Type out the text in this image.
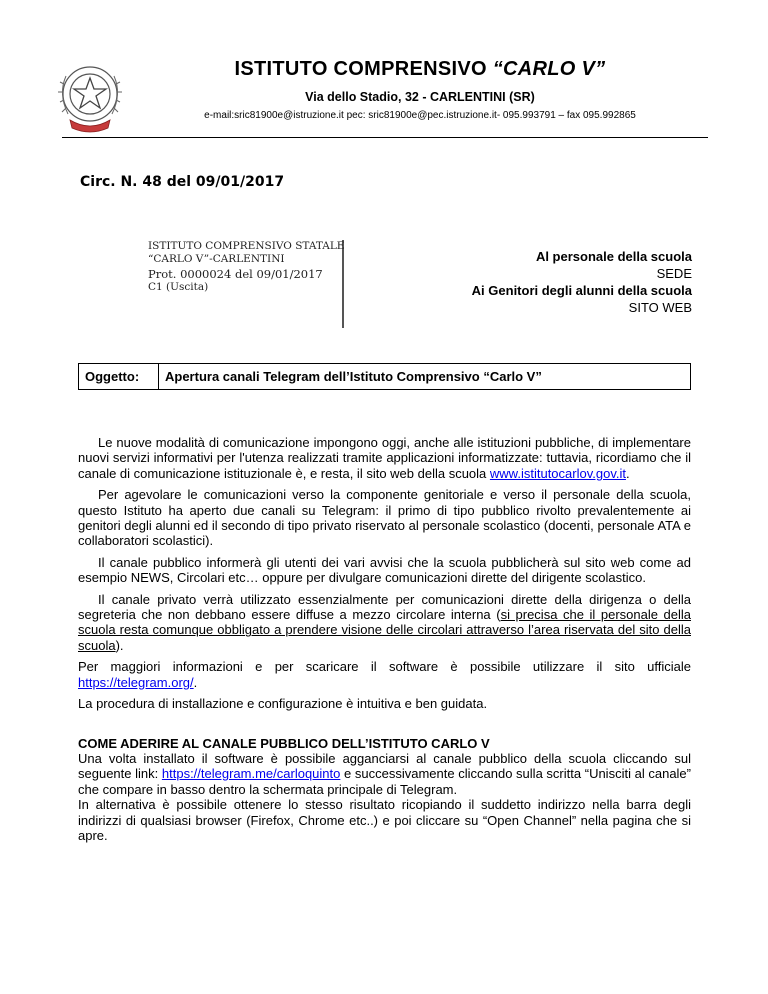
ISTITUTO COMPRENSIVO “CARLO V”
Via dello Stadio, 32 - CARLENTINI (SR)
e-mail:sric81900e@istruzione.it pec: sric81900e@pec.istruzione.it- 095.993791 – fax 095.992865
Circ. N. 48 del 09/01/2017
ISTITUTO COMPRENSIVO STATALE
“CARLO V”-CARLENTINI
Prot. 0000024 del 09/01/2017
C1 (Uscita)
Al personale della scuola
SEDE
Ai Genitori degli alunni della scuola
SITO WEB
Oggetto:	Apertura canali Telegram dell’Istituto Comprensivo “Carlo V”

Le nuove modalità di comunicazione impongono oggi, anche alle istituzioni pubbliche, di implementare nuovi servizi informativi per l'utenza realizzati tramite applicazioni informatizzate: tuttavia, ricordiamo che il canale di comunicazione istituzionale è, e resta, il sito web della scuola www.istitutocarlov.gov.it.

Per agevolare le comunicazioni verso la componente genitoriale e verso il personale della scuola, questo Istituto ha aperto due canali su Telegram: il primo di tipo pubblico rivolto prevalentemente ai genitori degli alunni ed il secondo di tipo privato riservato al personale scolastico (docenti, personale ATA e collaboratori scolastici).

Il canale pubblico informerà gli utenti dei vari avvisi che la scuola pubblicherà sul sito web come ad esempio NEWS, Circolari etc… oppure per divulgare comunicazioni dirette del dirigente scolastico.

Il canale privato verrà utilizzato essenzialmente per comunicazioni dirette della dirigenza o della segreteria che non debbano essere diffuse a mezzo circolare interna (si precisa che il personale della scuola resta comunque obbligato a prendere visione delle circolari attraverso l’area riservata del sito della scuola).

Per maggiori informazioni e per scaricare il software è possibile utilizzare il sito ufficiale https://telegram.org/.

La procedura di installazione e configurazione è intuitiva e ben guidata.

COME ADERIRE AL CANALE PUBBLICO DELL’ISTITUTO CARLO V

Una volta installato il software è possibile agganciarsi al canale pubblico della scuola cliccando sul seguente link: https://telegram.me/carloquinto e successivamente cliccando sulla scritta “Unisciti al canale” che compare in basso dentro la schermata principale di Telegram.

In alternativa è possibile ottenere lo stesso risultato ricopiando il suddetto indirizzo nella barra degli indirizzi di qualsiasi browser (Firefox, Chrome etc..) e poi cliccare su “Open Channel” nella pagina che si apre.
